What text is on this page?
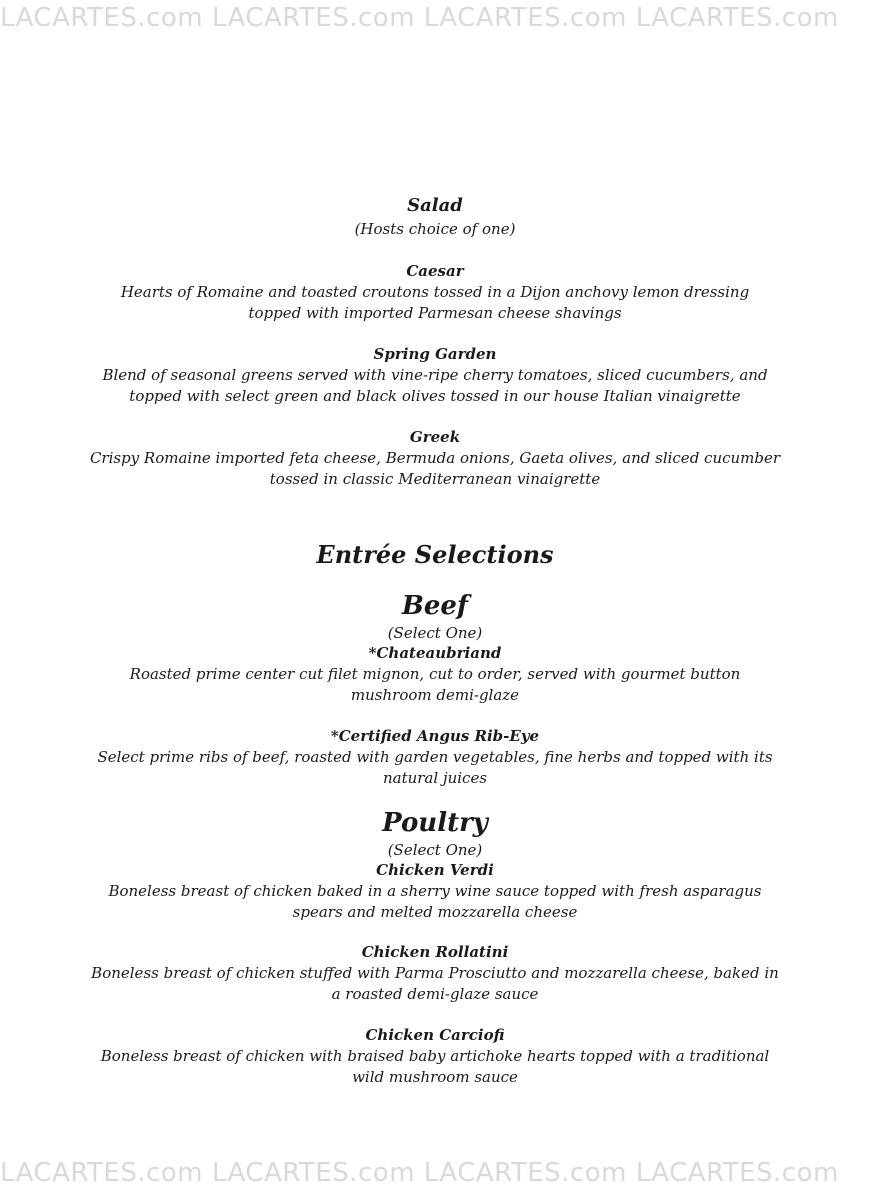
LACARTES.com LACARTES.com LACARTES.com LACARTES.com
Salad
(Hosts choice of one)
Caesar
Hearts of Romaine and toasted croutons tossed in a Dijon anchovy lemon dressing
topped with imported Parmesan cheese shavings
Spring Garden
Blend of seasonal greens served with vine-ripe cherry tomatoes, sliced cucumbers, and
topped with select green and black olives tossed in our house Italian vinaigrette
Greek
Crispy Romaine imported feta cheese, Bermuda onions, Gaeta olives, and sliced cucumber
tossed in classic Mediterranean vinaigrette
Entrée Selections
Beef
(Select One)
*Chateaubriand
Roasted prime center cut filet mignon, cut to order, served with gourmet button
mushroom demi-glaze
*Certified Angus Rib-Eye
Select prime ribs of beef, roasted with garden vegetables, fine herbs and topped with its
natural juices
Poultry
(Select One)
Chicken Verdi
Boneless breast of chicken baked in a sherry wine sauce topped with fresh asparagus
spears and melted mozzarella cheese
Chicken Rollatini
Boneless breast of chicken stuffed with Parma Prosciutto and mozzarella cheese, baked in
a roasted demi-glaze sauce
Chicken Carciofi
Boneless breast of chicken with braised baby artichoke hearts topped with a traditional
wild mushroom sauce
LACARTES.com LACARTES.com LACARTES.com LACARTES.com
